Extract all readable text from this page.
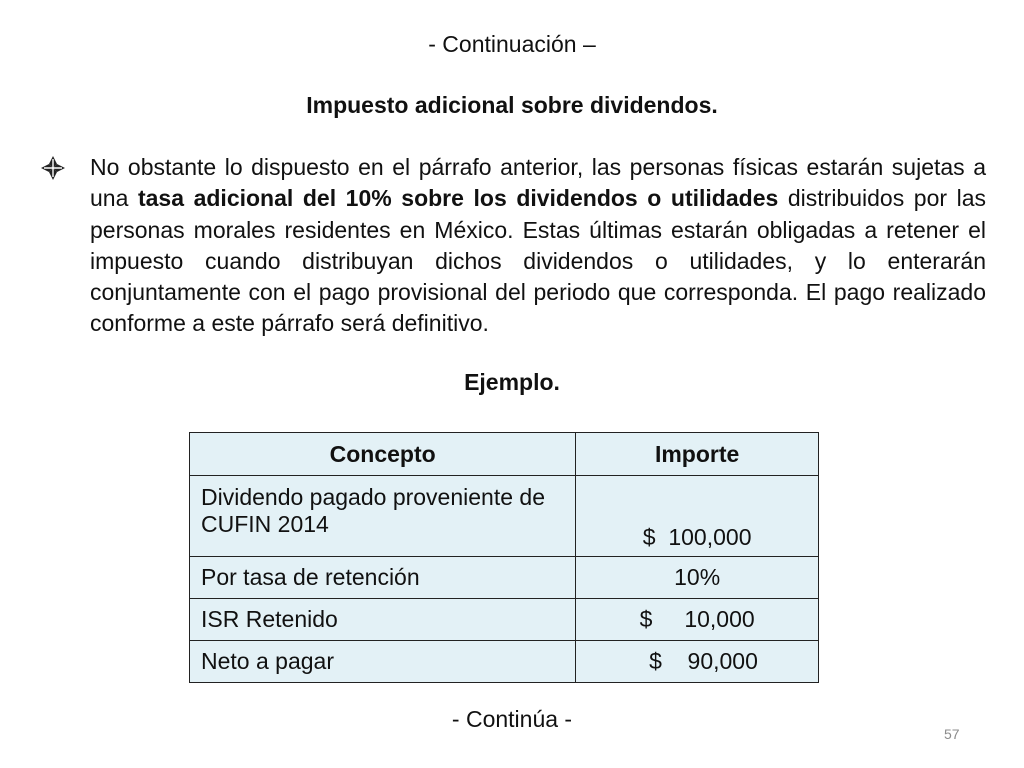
- Continuación –
Impuesto adicional sobre dividendos.
No obstante lo dispuesto en el párrafo anterior, las personas físicas estarán sujetas a una tasa adicional del 10% sobre los dividendos o utilidades distribuidos por las personas morales residentes en México. Estas últimas estarán obligadas a retener el impuesto cuando distribuyan dichos dividendos o utilidades, y lo enterarán conjuntamente con el pago provisional del periodo que corresponda. El pago realizado conforme a este párrafo será definitivo.
Ejemplo.
Concepto	Importe
Dividendo pagado proveniente de CUFIN 2014	$  100,000
Por tasa de retención	10%
ISR Retenido	$     10,000
Neto a pagar	$    90,000
- Continúa -
57
